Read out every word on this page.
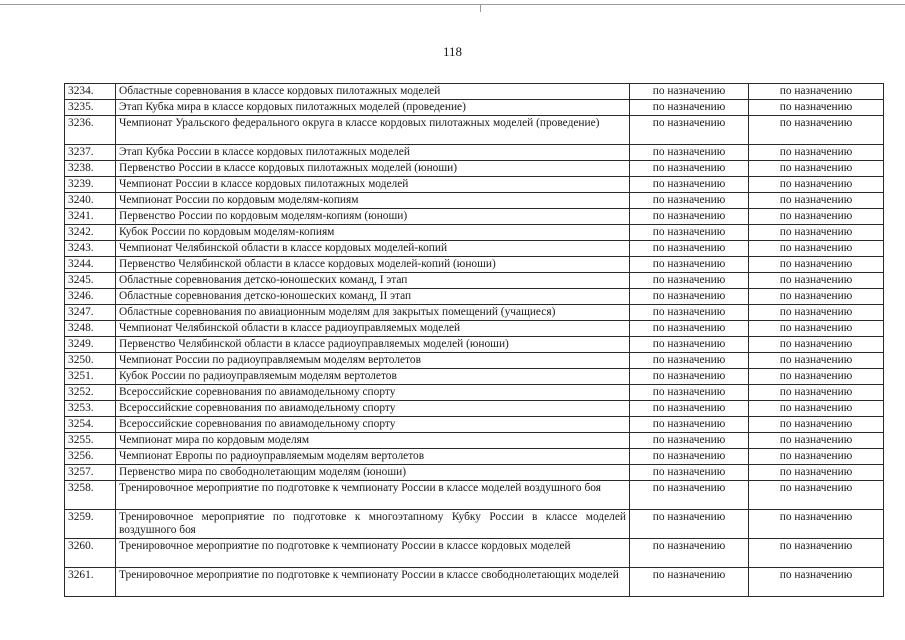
118
3234.	Областные соревнования в классе кордовых пилотажных моделей	по назначению	по назначению
3235.	Этап Кубка мира в классе кордовых пилотажных моделей (проведение)	по назначению	по назначению
3236.	Чемпионат Уральского федерального округа в классе кордовых пилотажных моделей (проведение)	по назначению	по назначению
3237.	Этап Кубка России в классе кордовых пилотажных моделей	по назначению	по назначению
3238.	Первенство России в классе кордовых пилотажных моделей (юноши)	по назначению	по назначению
3239.	Чемпионат России в классе кордовых пилотажных моделей	по назначению	по назначению
3240.	Чемпионат России по кордовым моделям-копиям	по назначению	по назначению
3241.	Первенство России по кордовым моделям-копиям (юноши)	по назначению	по назначению
3242.	Кубок России по кордовым моделям-копиям	по назначению	по назначению
3243.	Чемпионат Челябинской области в классе кордовых моделей-копий	по назначению	по назначению
3244.	Первенство Челябинской области в классе кордовых моделей-копий (юноши)	по назначению	по назначению
3245.	Областные соревнования детско-юношеских команд, I этап	по назначению	по назначению
3246.	Областные соревнования детско-юношеских команд, II этап	по назначению	по назначению
3247.	Областные соревнования по авиационным моделям для закрытых помещений (учащиеся)	по назначению	по назначению
3248.	Чемпионат Челябинской области в классе радиоуправляемых моделей	по назначению	по назначению
3249.	Первенство Челябинской области в классе радиоуправляемых моделей (юноши)	по назначению	по назначению
3250.	Чемпионат России по радиоуправляемым моделям вертолетов	по назначению	по назначению
3251.	Кубок России по радиоуправляемым моделям вертолетов	по назначению	по назначению
3252.	Всероссийские соревнования по авиамодельному спорту	по назначению	по назначению
3253.	Всероссийские соревнования по авиамодельному спорту	по назначению	по назначению
3254.	Всероссийские соревнования по авиамодельному спорту	по назначению	по назначению
3255.	Чемпионат мира по кордовым моделям	по назначению	по назначению
3256.	Чемпионат Европы по радиоуправляемым моделям вертолетов	по назначению	по назначению
3257.	Первенство мира по свободнолетающим моделям (юноши)	по назначению	по назначению
3258.	Тренировочное мероприятие по подготовке к чемпионату России в классе моделей воздушного боя	по назначению	по назначению
3259.	Тренировочное мероприятие по подготовке к многоэтапному Кубку России в классе моделей воздушного боя	по назначению	по назначению
3260.	Тренировочное мероприятие по подготовке к чемпионату России в классе кордовых моделей	по назначению	по назначению
3261.	Тренировочное мероприятие по подготовке к чемпионату России в классе свободнолетающих моделей	по назначению	по назначению
